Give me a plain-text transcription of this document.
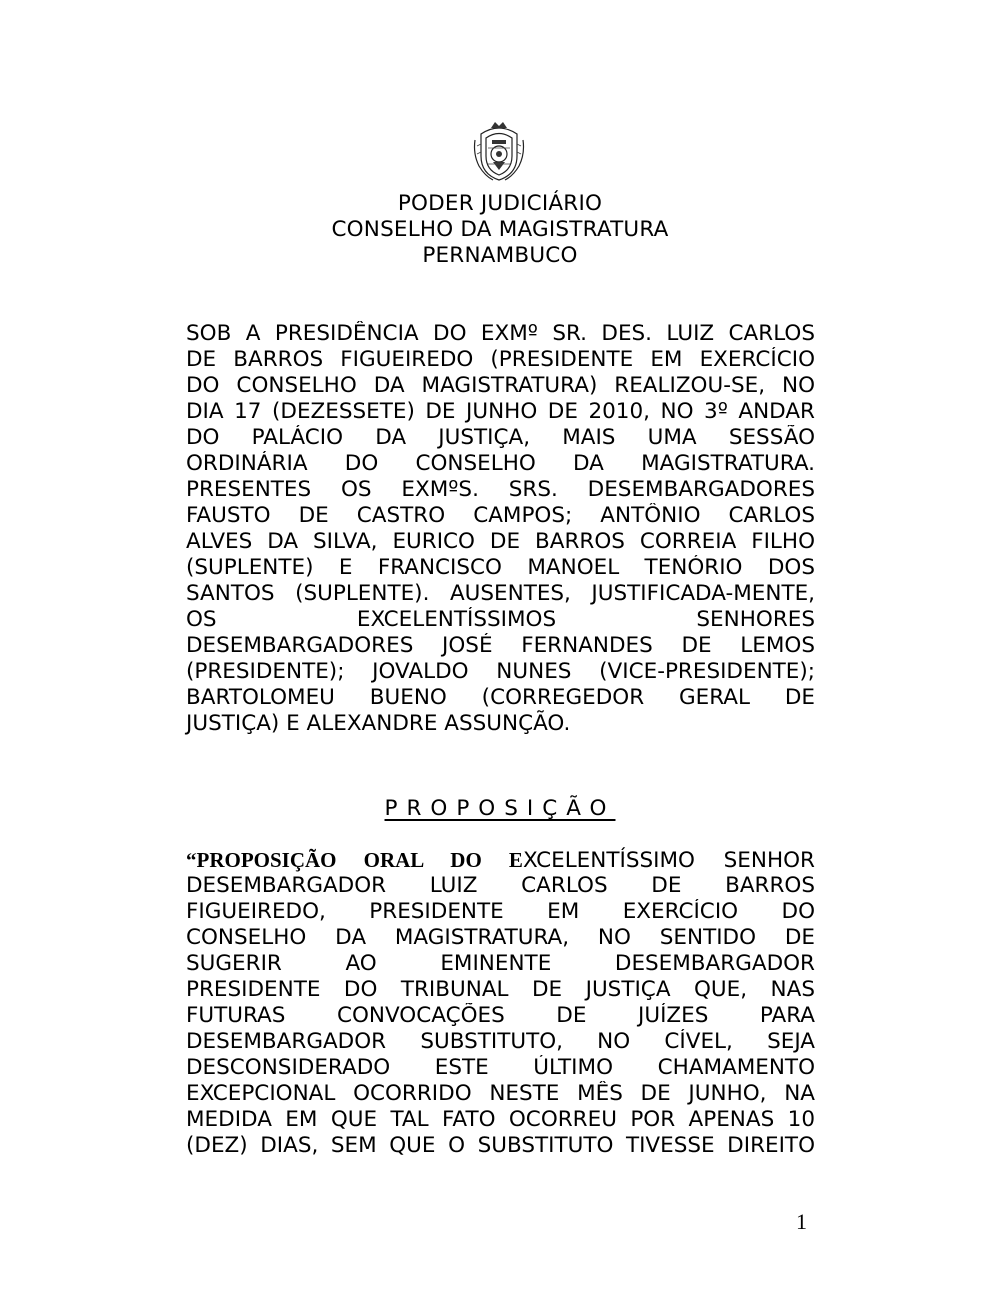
PODER JUDICIÁRIO
CONSELHO DA MAGISTRATURA
PERNAMBUCO
SOB A PRESIDÊNCIA DO EXMº SR. DES. LUIZ CARLOS
DE BARROS FIGUEIREDO (PRESIDENTE EM EXERCÍCIO
DO CONSELHO DA MAGISTRATURA) REALIZOU-SE, NO
DIA 17 (DEZESSETE) DE JUNHO DE 2010, NO 3º ANDAR
DO PALÁCIO DA JUSTIÇA, MAIS UMA SESSÃO
ORDINÁRIA DO CONSELHO DA MAGISTRATURA.
PRESENTES OS EXMºS. SRS. DESEMBARGADORES
FAUSTO DE CASTRO CAMPOS; ANTÔNIO CARLOS
ALVES DA SILVA, EURICO DE BARROS CORREIA FILHO
(SUPLENTE) E FRANCISCO MANOEL TENÓRIO DOS
SANTOS (SUPLENTE). AUSENTES, JUSTIFICADA-MENTE,
OS EXCELENTÍSSIMOS SENHORES
DESEMBARGADORES JOSÉ FERNANDES DE LEMOS
(PRESIDENTE); JOVALDO NUNES (VICE-PRESIDENTE);
BARTOLOMEU BUENO (CORREGEDOR GERAL DE
JUSTIÇA) E ALEXANDRE ASSUNÇÃO.
PROPOSIÇÃO
“PROPOSIÇÃO ORAL DO EXCELENTÍSSIMO SENHOR
DESEMBARGADOR LUIZ CARLOS DE BARROS
FIGUEIREDO, PRESIDENTE EM EXERCÍCIO DO
CONSELHO DA MAGISTRATURA, NO SENTIDO DE
SUGERIR AO EMINENTE DESEMBARGADOR
PRESIDENTE DO TRIBUNAL DE JUSTIÇA QUE, NAS
FUTURAS CONVOCAÇÕES DE JUÍZES PARA
DESEMBARGADOR SUBSTITUTO, NO CÍVEL, SEJA
DESCONSIDERADO ESTE ÚLTIMO CHAMAMENTO
EXCEPCIONAL OCORRIDO NESTE MÊS DE JUNHO, NA
MEDIDA EM QUE TAL FATO OCORREU POR APENAS 10
(DEZ) DIAS, SEM QUE O SUBSTITUTO TIVESSE DIREITO
1
